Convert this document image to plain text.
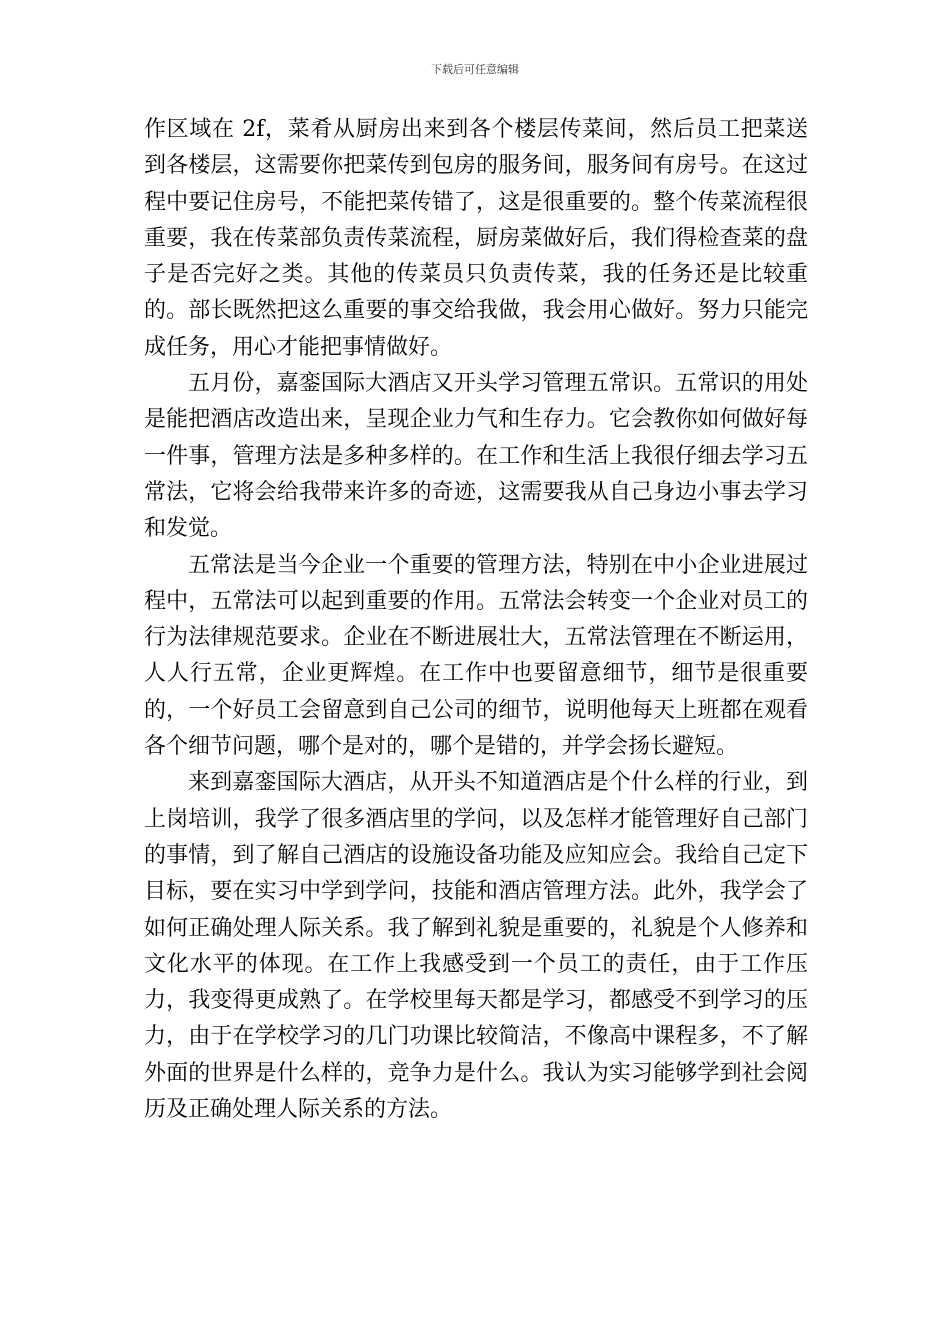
下载后可任意编辑

作区域在 2f，菜肴从厨房出来到各个楼层传菜间，然后员工把菜送到各楼层，这需要你把菜传到包房的服务间，服务间有房号。在这过程中要记住房号，不能把菜传错了，这是很重要的。整个传菜流程很重要，我在传菜部负责传菜流程，厨房菜做好后，我们得检查菜的盘子是否完好之类。其他的传菜员只负责传菜，我的任务还是比较重的。部长既然把这么重要的事交给我做，我会用心做好。努力只能完成任务，用心才能把事情做好。

五月份，嘉銮国际大酒店又开头学习管理五常识。五常识的用处是能把酒店改造出来，呈现企业力气和生存力。它会教你如何做好每一件事，管理方法是多种多样的。在工作和生活上我很仔细去学习五常法，它将会给我带来许多的奇迹，这需要我从自己身边小事去学习和发觉。

五常法是当今企业一个重要的管理方法，特别在中小企业进展过程中，五常法可以起到重要的作用。五常法会转变一个企业对员工的行为法律规范要求。企业在不断进展壮大，五常法管理在不断运用，人人行五常，企业更辉煌。在工作中也要留意细节，细节是很重要的，一个好员工会留意到自己公司的细节，说明他每天上班都在观看各个细节问题，哪个是对的，哪个是错的，并学会扬长避短。

来到嘉銮国际大酒店，从开头不知道酒店是个什么样的行业，到上岗培训，我学了很多酒店里的学问，以及怎样才能管理好自己部门的事情，到了解自己酒店的设施设备功能及应知应会。我给自己定下目标，要在实习中学到学问，技能和酒店管理方法。此外，我学会了如何正确处理人际关系。我了解到礼貌是重要的，礼貌是个人修养和文化水平的体现。在工作上我感受到一个员工的责任，由于工作压力，我变得更成熟了。在学校里每天都是学习，都感受不到学习的压力，由于在学校学习的几门功课比较简洁，不像高中课程多，不了解外面的世界是什么样的，竞争力是什么。我认为实习能够学到社会阅历及正确处理人际关系的方法。
